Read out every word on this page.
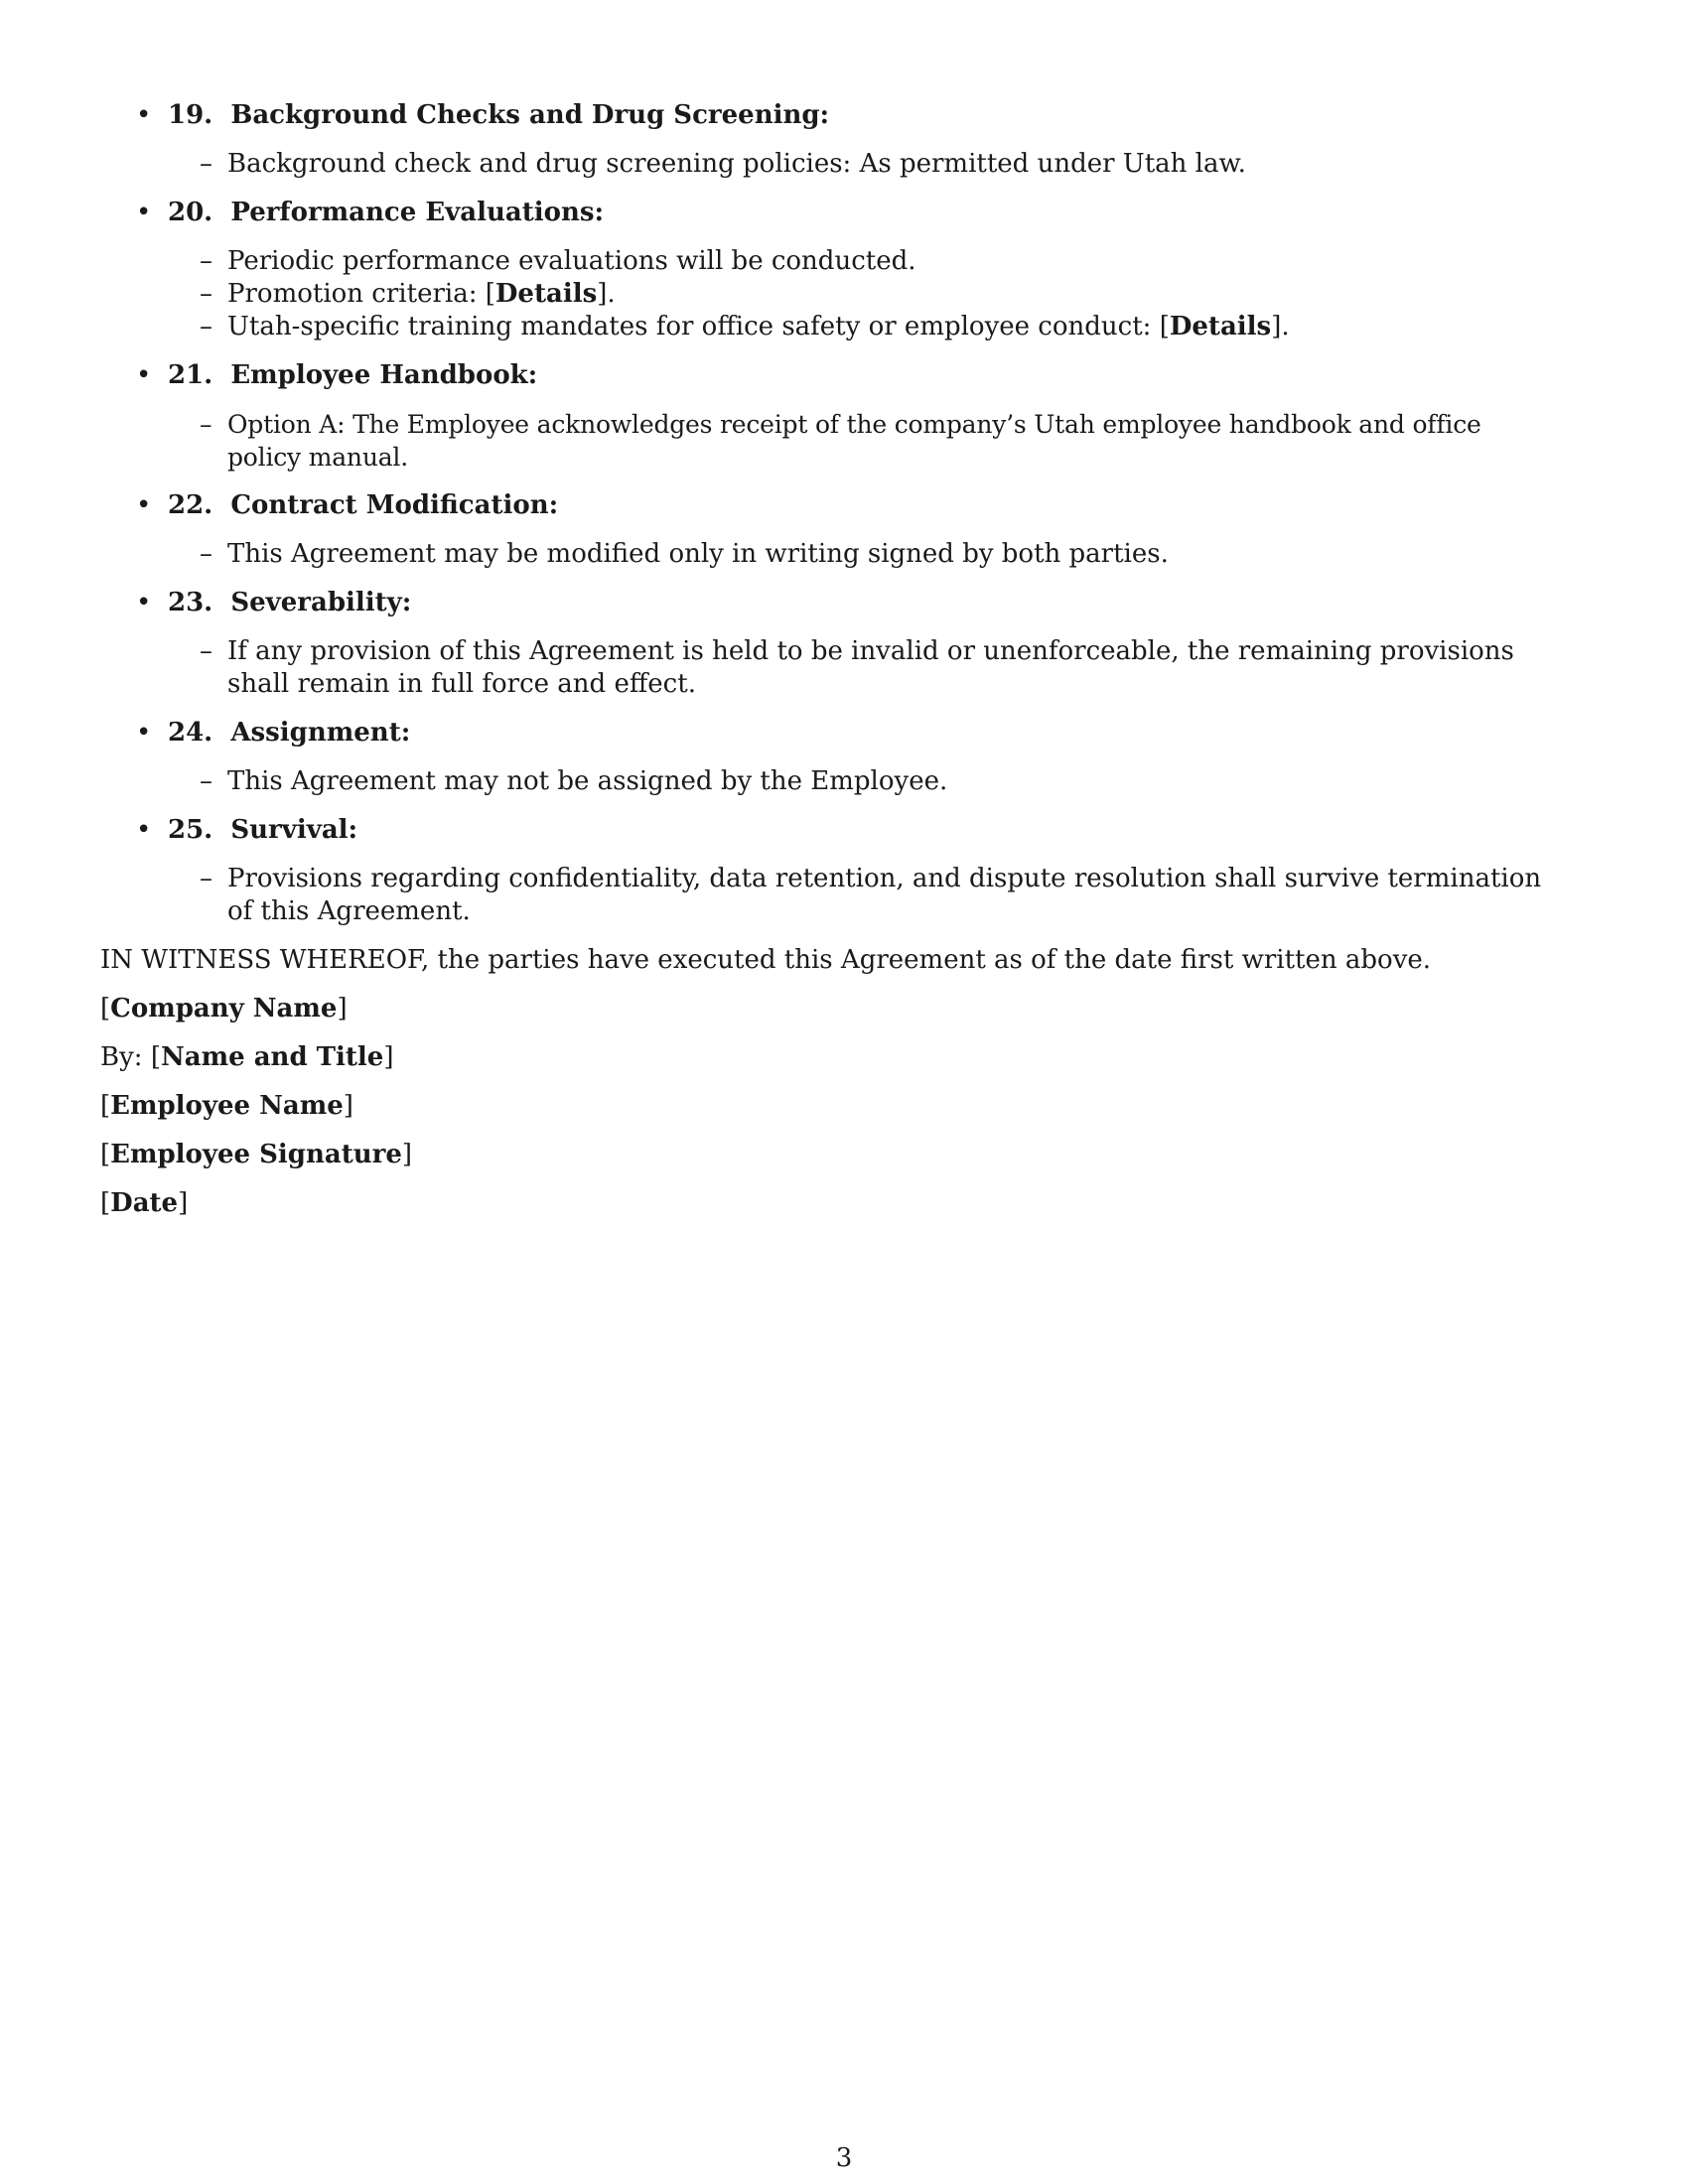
• 19. Background Checks and Drug Screening:
– Background check and drug screening policies: As permitted under Utah law.
• 20. Performance Evaluations:
– Periodic performance evaluations will be conducted.
– Promotion criteria: [Details].
– Utah-specific training mandates for office safety or employee conduct: [Details].
• 21. Employee Handbook:
– Option A: The Employee acknowledges receipt of the company’s Utah employee handbook and office policy manual.
• 22. Contract Modification:
– This Agreement may be modified only in writing signed by both parties.
• 23. Severability:
– If any provision of this Agreement is held to be invalid or unenforceable, the remaining provisions shall remain in full force and effect.
• 24. Assignment:
– This Agreement may not be assigned by the Employee.
• 25. Survival:
– Provisions regarding confidentiality, data retention, and dispute resolution shall survive termination of this Agreement.
IN WITNESS WHEREOF, the parties have executed this Agreement as of the date first written above.
[Company Name]
By: [Name and Title]
[Employee Name]
[Employee Signature]
[Date]
3
